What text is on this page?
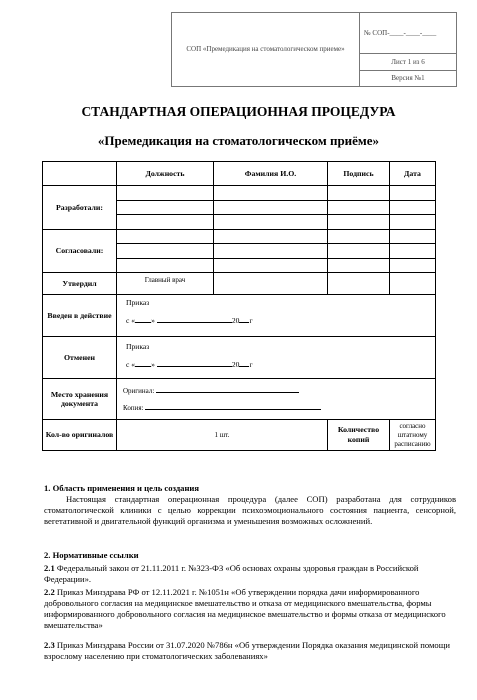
СОП «Премедикация на стоматологическом приеме»	№ СОП-____-____-____
Лист 1 из 6
Версия №1
СТАНДАРТНАЯ ОПЕРАЦИОННАЯ ПРОЦЕДУРА
«Премедикация на стоматологическом приёме»
	Должность	Фамилия И.О.	Подпись	Дата
Разработали:				

Согласовали:				

Утвердил	Главный врач			
Введен в действие	Приказ
с « » 20 г			

Отменен	Приказ
с « » 20 г			

Место хранения документа	Оригинал:
Копия:			

Кол-во оригиналов	1 шт.		Количество копий	согласно штатному расписанию
1. Область применения и цель создания
Настоящая стандартная операционная процедура (далее СОП) разработана для сотрудников стоматологической клиники с целью коррекции психоэмоционального состояния пациента, сенсорной, вегетативной и двигательной функций организма и уменьшения возможных осложнений.
2. Нормативные ссылки
2.1 Федеральный закон от 21.11.2011 г. №323-ФЗ «Об основах охраны здоровья граждан в Российской Федерации».
2.2 Приказ Минздрава РФ от 12.11.2021 г. №1051н «Об утверждении порядка дачи информированного добровольного согласия на медицинское вмешательство и отказа от медицинского вмешательства, формы информированного добровольного согласия на медицинское вмешательство и формы отказа от медицинского вмешательства»
2.3 Приказ Минздрава России от 31.07.2020 №786н «Об утверждении Порядка оказания медицинской помощи взрослому населению при стоматологических заболеваниях»
